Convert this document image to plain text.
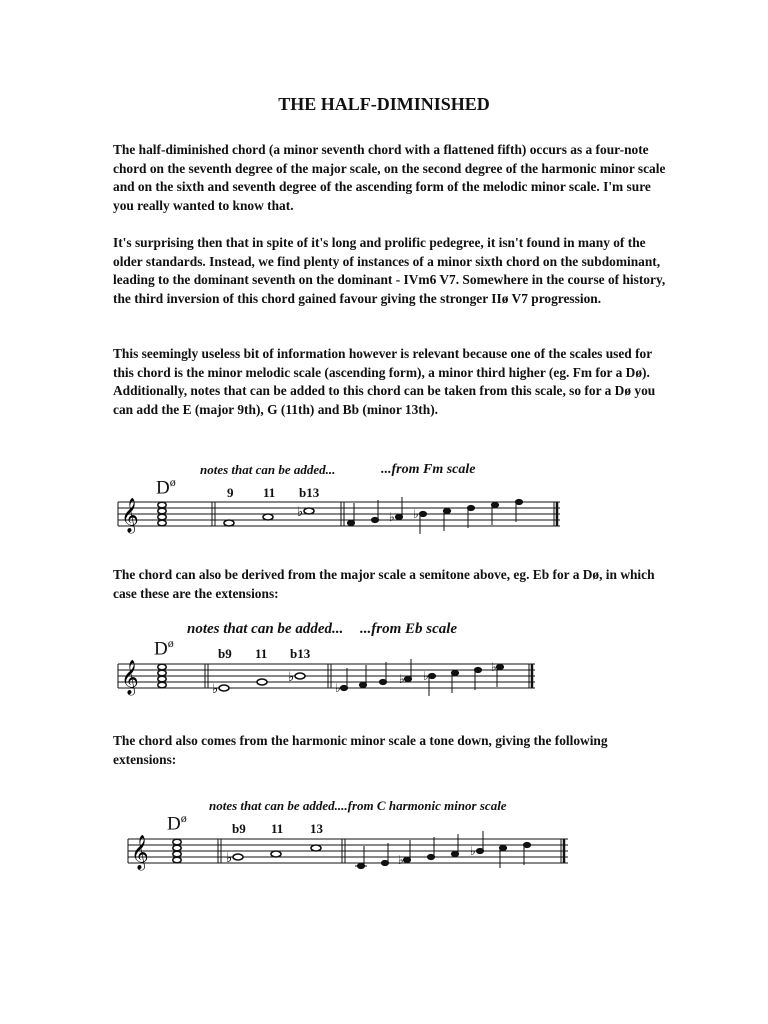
THE HALF-DIMINISHED

The half-diminished chord (a minor seventh chord with a flattened fifth) occurs as a four-note chord on the seventh degree of the major scale, on the second degree of the harmonic minor scale and on the sixth and seventh degree of the ascending form of the melodic minor scale. I'm sure you really wanted to know that.

It's surprising then that in spite of it's long and prolific pedegree, it isn't found in many of the older standards. Instead, we find plenty of instances of a minor sixth chord on the subdominant, leading to the dominant seventh on the dominant - IVm6 V7. Somewhere in the course of history, the third inversion of this chord gained favour giving the stronger IIø V7 progression.

This seemingly useless bit of information however is relevant because one of the scales used for this chord is the minor melodic scale (ascending form), a minor third higher (eg. Fm for a Dø). Additionally, notes that can be added to this chord can be taken from this scale, so for a Dø you can add the E (major 9th), G (11th) and Bb (minor 13th).

The chord can also be derived from the major scale a semitone above, eg. Eb for a Dø, in which case these are the extensions:

The chord also comes from the harmonic minor scale a tone down, giving the following extensions:

notes that can be added...	...from Fm scale
$D^ø$
9 11 b13
𝄞	♭	♭ ♭
notes that can be added... ...from Eb scale
$D^ø$
b9 11 b13
𝄞	♭
♭
♭
♭ ♭
♭
notes that can be added....from C harmonic minor scale
$D^ø$
b9 11 13
𝄞	♭	♭
♭
